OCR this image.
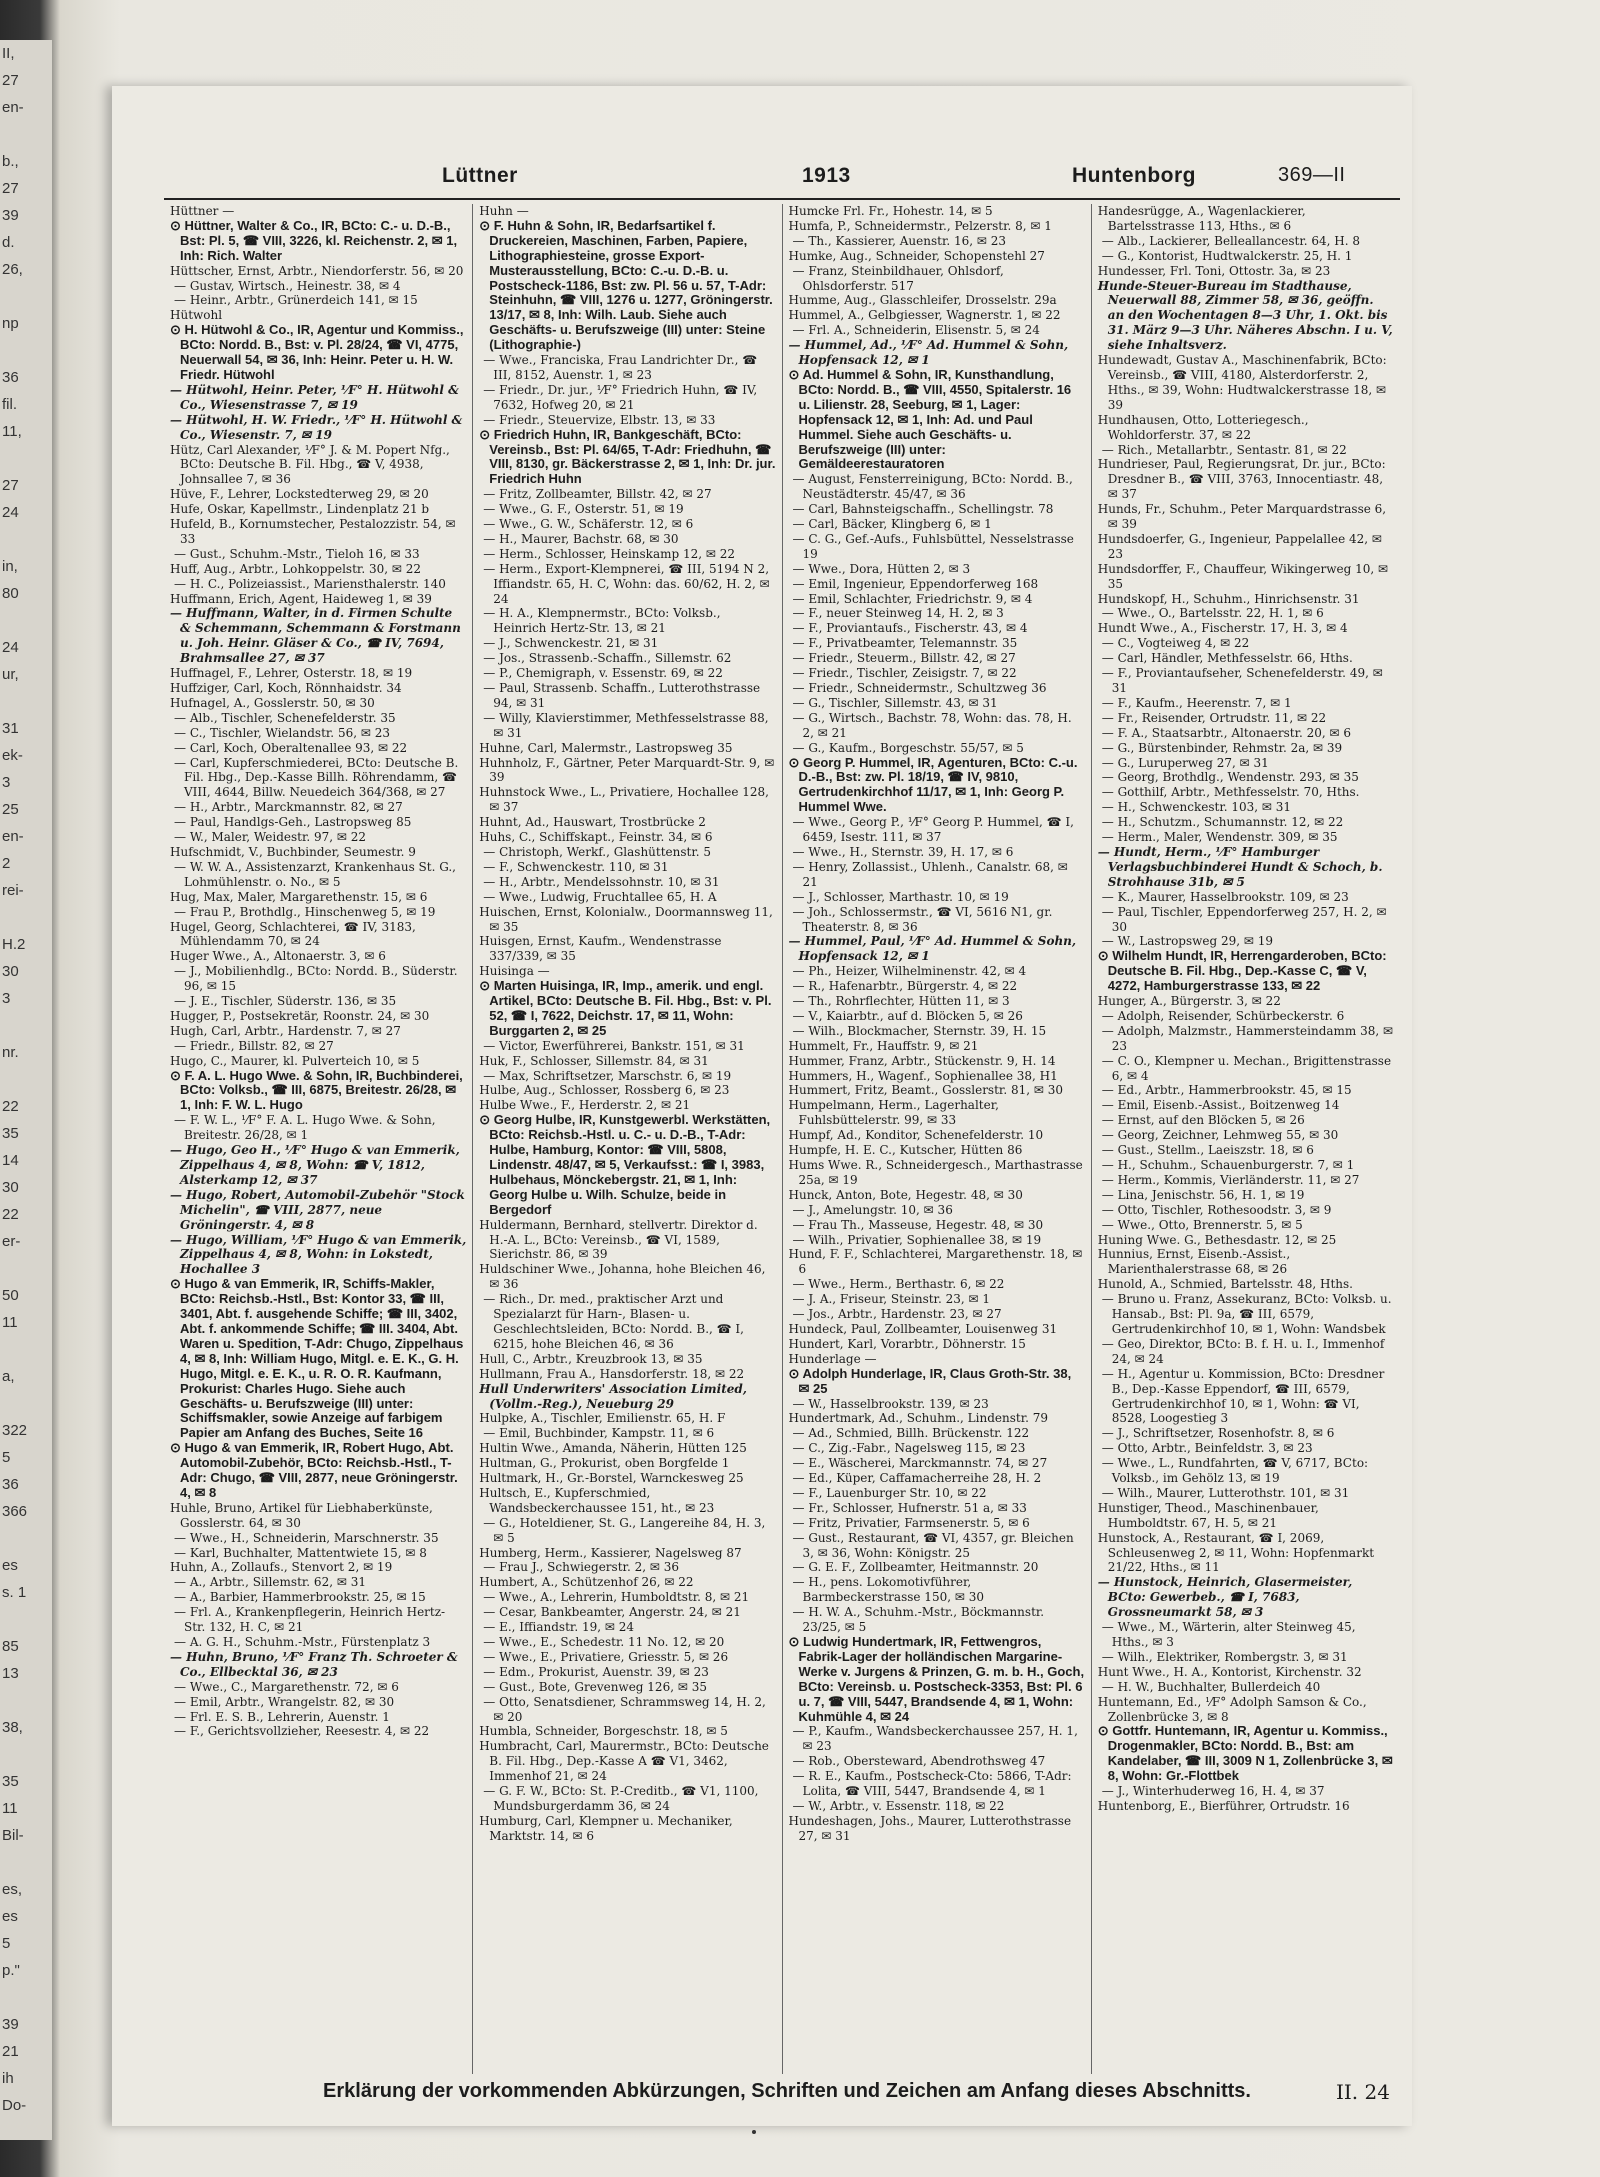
II,
27
en-

b.,
27
39
d.
26,

np

36
fil.
11,

27
24

in,
80

24
ur,

31
ek-
3
25
en-
2
rei-

H.2
30
3

nr.

22
35
14
30
22
er-

50
11

a,

322
5
36
366

es
s. 1

85
13

38,

35
11
Bil-

es,
es
5
p."

39
21
ih
Do-
Lüttner	1913	Huntenborg	369—II

Hüttner —

⊙ Hüttner, Walter & Co., IR, BCto: C.- u. D.-B., Bst: Pl. 5, ☎ VIII, 3226, kl. Reichenstr. 2, ✉ 1, Inh: Rich. Walter

Hüttscher, Ernst, Arbtr., Niendorferstr. 56, ✉ 20

— Gustav, Wirtsch., Heinestr. 38, ✉ 4

— Heinr., Arbtr., Grünerdeich 141, ✉ 15

Hütwohl

⊙ H. Hütwohl & Co., IR, Agentur und Kommiss., BCto: Nordd. B., Bst: v. Pl. 28/24, ☎ VI, 4775, Neuerwall 54, ✉ 36, Inh: Heinr. Peter u. H. W. Friedr. Hütwohl

— Hütwohl, Heinr. Peter, ⅟F° H. Hütwohl & Co., Wiesenstrasse 7, ✉ 19

— Hütwohl, H. W. Friedr., ⅟F° H. Hütwohl & Co., Wiesenstr. 7, ✉ 19

Hütz, Carl Alexander, ⅟F° J. & M. Popert Nfg., BCto: Deutsche B. Fil. Hbg., ☎ V, 4938, Johnsallee 7, ✉ 36

Hüve, F., Lehrer, Lockstedterweg 29, ✉ 20

Hufe, Oskar, Kapellmstr., Lindenplatz 21 b

Hufeld, B., Kornumstecher, Pestalozzistr. 54, ✉ 33

— Gust., Schuhm.-Mstr., Tieloh 16, ✉ 33

Huff, Aug., Arbtr., Lohkoppelstr. 30, ✉ 22

— H. C., Polizeiassist., Mariensthalerstr. 140

Huffmann, Erich, Agent, Haideweg 1, ✉ 39

— Huffmann, Walter, in d. Firmen Schulte & Schemmann, Schemmann & Forstmann u. Joh. Heinr. Gläser & Co., ☎ IV, 7694, Brahmsallee 27, ✉ 37

Huffnagel, F., Lehrer, Osterstr. 18, ✉ 19

Huffziger, Carl, Koch, Rönnhaidstr. 34

Hufnagel, A., Gosslerstr. 50, ✉ 30

— Alb., Tischler, Schenefelderstr. 35

— C., Tischler, Wielandstr. 56, ✉ 23

— Carl, Koch, Oberaltenallee 93, ✉ 22

— Carl, Kupferschmiederei, BCto: Deutsche B. Fil. Hbg., Dep.-Kasse Billh. Röhrendamm, ☎ VIII, 4644, Billw. Neuedeich 364/368, ✉ 27

— H., Arbtr., Marckmannstr. 82, ✉ 27

— Paul, Handlgs-Geh., Lastropsweg 85

— W., Maler, Weidestr. 97, ✉ 22

Hufschmidt, V., Buchbinder, Seumestr. 9

— W. W. A., Assistenzarzt, Krankenhaus St. G., Lohmühlenstr. o. No., ✉ 5

Hug, Max, Maler, Margarethenstr. 15, ✉ 6

— Frau P., Brothdlg., Hinschenweg 5, ✉ 19

Hugel, Georg, Schlachterei, ☎ IV, 3183, Mühlendamm 70, ✉ 24

Huger Wwe., A., Altonaerstr. 3, ✉ 6

— J., Mobilienhdlg., BCto: Nordd. B., Süderstr. 96, ✉ 15

— J. E., Tischler, Süderstr. 136, ✉ 35

Hugger, P., Postsekretär, Roonstr. 24, ✉ 30

Hugh, Carl, Arbtr., Hardenstr. 7, ✉ 27

— Friedr., Billstr. 82, ✉ 27

Hugo, C., Maurer, kl. Pulverteich 10, ✉ 5

⊙ F. A. L. Hugo Wwe. & Sohn, IR, Buchbinderei, BCto: Volksb., ☎ III, 6875, Breitestr. 26/28, ✉ 1, Inh: F. W. L. Hugo

— F. W. L., ⅟F° F. A. L. Hugo Wwe. & Sohn, Breitestr. 26/28, ✉ 1

— Hugo, Geo H., ⅟F° Hugo & van Emmerik, Zippelhaus 4, ✉ 8, Wohn: ☎ V, 1812, Alsterkamp 12, ✉ 37

— Hugo, Robert, Automobil-Zubehör "Stock Michelin", ☎ VIII, 2877, neue Gröningerstr. 4, ✉ 8

— Hugo, William, ⅟F° Hugo & van Emmerik, Zippelhaus 4, ✉ 8, Wohn: in Lokstedt, Hochallee 3

⊙ Hugo & van Emmerik, IR, Schiffs-Makler, BCto: Reichsb.-Hstl., Bst: Kontor 33, ☎ III, 3401, Abt. f. ausgehende Schiffe; ☎ III, 3402, Abt. f. ankommende Schiffe; ☎ III. 3404, Abt. Waren u. Spedition, T-Adr: Chugo, Zippelhaus 4, ✉ 8, Inh: William Hugo, Mitgl. e. E. K., G. H. Hugo, Mitgl. e. E. K., u. R. O. R. Kaufmann, Prokurist: Charles Hugo. Siehe auch Geschäfts- u. Berufszweige (III) unter: Schiffsmakler, sowie Anzeige auf farbigem Papier am Anfang des Buches, Seite 16

⊙ Hugo & van Emmerik, IR, Robert Hugo, Abt. Automobil-Zubehör, BCto: Reichsb.-Hstl., T-Adr: Chugo, ☎ VIII, 2877, neue Gröningerstr. 4, ✉ 8

Huhle, Bruno, Artikel für Liebhaberkünste, Gosslerstr. 64, ✉ 30

— Wwe., H., Schneiderin, Marschnerstr. 35

— Karl, Buchhalter, Mattentwiete 15, ✉ 8

Huhn, A., Zollaufs., Stenvort 2, ✉ 19

— A., Arbtr., Sillemstr. 62, ✉ 31

— A., Barbier, Hammerbrookstr. 25, ✉ 15

— Frl. A., Krankenpflegerin, Heinrich Hertz-Str. 132, H. C, ✉ 21

— A. G. H., Schuhm.-Mstr., Fürstenplatz 3

— Huhn, Bruno, ⅟F° Franz Th. Schroeter & Co., Ellbecktal 36, ✉ 23

— Wwe., C., Margarethenstr. 72, ✉ 6

— Emil, Arbtr., Wrangelstr. 82, ✉ 30

— Frl. E. S. B., Lehrerin, Auenstr. 1

— F., Gerichtsvollzieher, Reesestr. 4, ✉ 22

Huhn —

⊙ F. Huhn & Sohn, IR, Bedarfsartikel f. Druckereien, Maschinen, Farben, Papiere, Lithographiesteine, grosse Export-Musterausstellung, BCto: C.-u. D.-B. u. Postscheck-1186, Bst: zw. Pl. 56 u. 57, T-Adr: Steinhuhn, ☎ VIII, 1276 u. 1277, Gröningerstr. 13/17, ✉ 8, Inh: Wilh. Laub. Siehe auch Geschäfts- u. Berufszweige (III) unter: Steine (Lithographie-)

— Wwe., Franciska, Frau Landrichter Dr., ☎ III, 8152, Auenstr. 1, ✉ 23

— Friedr., Dr. jur., ⅟F° Friedrich Huhn, ☎ IV, 7632, Hofweg 20, ✉ 21

— Friedr., Steuervize, Elbstr. 13, ✉ 33

⊙ Friedrich Huhn, IR, Bankgeschäft, BCto: Vereinsb., Bst: Pl. 64/65, T-Adr: Friedhuhn, ☎ VIII, 8130, gr. Bäckerstrasse 2, ✉ 1, Inh: Dr. jur. Friedrich Huhn

— Fritz, Zollbeamter, Billstr. 42, ✉ 27

— Wwe., G. F., Osterstr. 51, ✉ 19

— Wwe., G. W., Schäferstr. 12, ✉ 6

— H., Maurer, Bachstr. 68, ✉ 30

— Herm., Schlosser, Heinskamp 12, ✉ 22

— Herm., Export-Klempnerei, ☎ III, 5194 N 2, Iffiandstr. 65, H. C, Wohn: das. 60/62, H. 2, ✉ 24

— H. A., Klempnermstr., BCto: Volksb., Heinrich Hertz-Str. 13, ✉ 21

— J., Schwenckestr. 21, ✉ 31

— Jos., Strassenb.-Schaffn., Sillemstr. 62

— P., Chemigraph, v. Essenstr. 69, ✉ 22

— Paul, Strassenb. Schaffn., Lutterothstrasse 94, ✉ 31

— Willy, Klavierstimmer, Methfesselstrasse 88, ✉ 31

Huhne, Carl, Malermstr., Lastropsweg 35

Huhnholz, F., Gärtner, Peter Marquardt-Str. 9, ✉ 39

Huhnstock Wwe., L., Privatiere, Hochallee 128, ✉ 37

Huhnt, Ad., Hauswart, Trostbrücke 2

Huhs, C., Schiffskapt., Feinstr. 34, ✉ 6

— Christoph, Werkf., Glashüttenstr. 5

— F., Schwenckestr. 110, ✉ 31

— H., Arbtr., Mendelssohnstr. 10, ✉ 31

— Wwe., Ludwig, Fruchtallee 65, H. A

Huischen, Ernst, Kolonialw., Doormannsweg 11, ✉ 35

Huisgen, Ernst, Kaufm., Wendenstrasse 337/339, ✉ 35

Huisinga —

⊙ Marten Huisinga, IR, Imp., amerik. und engl. Artikel, BCto: Deutsche B. Fil. Hbg., Bst: v. Pl. 52, ☎ I, 7622, Deichstr. 17, ✉ 11, Wohn: Burggarten 2, ✉ 25

— Victor, Ewerführerei, Bankstr. 151, ✉ 31

Huk, F., Schlosser, Sillemstr. 84, ✉ 31

— Max, Schriftsetzer, Marschstr. 6, ✉ 19

Hulbe, Aug., Schlosser, Rossberg 6, ✉ 23

Hulbe Wwe., F., Herderstr. 2, ✉ 21

⊙ Georg Hulbe, IR, Kunstgewerbl. Werkstätten, BCto: Reichsb.-Hstl. u. C.- u. D.-B., T-Adr: Hulbe, Hamburg, Kontor: ☎ VIII, 5808, Lindenstr. 48/47, ✉ 5, Verkaufsst.: ☎ I, 3983, Hulbehaus, Mönckebergstr. 21, ✉ 1, Inh: Georg Hulbe u. Wilh. Schulze, beide in Bergedorf

Huldermann, Bernhard, stellvertr. Direktor d. H.-A. L., BCto: Vereinsb., ☎ VI, 1589, Sierichstr. 86, ✉ 39

Huldschiner Wwe., Johanna, hohe Bleichen 46, ✉ 36

— Rich., Dr. med., praktischer Arzt und Spezialarzt für Harn-, Blasen- u. Geschlechtsleiden, BCto: Nordd. B., ☎ I, 6215, hohe Bleichen 46, ✉ 36

Hull, C., Arbtr., Kreuzbrook 13, ✉ 35

Hullmann, Frau A., Hansdorferstr. 18, ✉ 22

Hull Underwriters' Association Limited, (Vollm.-Reg.), Neueburg 29

Hulpke, A., Tischler, Emilienstr. 65, H. F

— Emil, Buchbinder, Kampstr. 11, ✉ 6

Hultin Wwe., Amanda, Näherin, Hütten 125

Hultman, G., Prokurist, oben Borgfelde 1

Hultmark, H., Gr.-Borstel, Warnckesweg 25

Hultsch, E., Kupferschmied, Wandsbeckerchaussee 151, ht., ✉ 23

— G., Hoteldiener, St. G., Langereihe 84, H. 3, ✉ 5

Humberg, Herm., Kassierer, Nagelsweg 87

— Frau J., Schwiegerstr. 2, ✉ 36

Humbert, A., Schützenhof 26, ✉ 22

— Wwe., A., Lehrerin, Humboldtstr. 8, ✉ 21

— Cesar, Bankbeamter, Angerstr. 24, ✉ 21

— E., Iffiandstr. 19, ✉ 24

— Wwe., E., Schedestr. 11 No. 12, ✉ 20

— Wwe., E., Privatiere, Griesstr. 5, ✉ 26

— Edm., Prokurist, Auenstr. 39, ✉ 23

— Gust., Bote, Grevenweg 126, ✉ 35

— Otto, Senatsdiener, Schrammsweg 14, H. 2, ✉ 20

Humbla, Schneider, Borgeschstr. 18, ✉ 5

Humbracht, Carl, Maurermstr., BCto: Deutsche B. Fil. Hbg., Dep.-Kasse A ☎ V1, 3462, Immenhof 21, ✉ 24

— G. F. W., BCto: St. P.-Creditb., ☎ V1, 1100, Mundsburgerdamm 36, ✉ 24

Humburg, Carl, Klempner u. Mechaniker, Marktstr. 14, ✉ 6

Humcke Frl. Fr., Hohestr. 14, ✉ 5

Humfa, P., Schneidermstr., Pelzerstr. 8, ✉ 1

— Th., Kassierer, Auenstr. 16, ✉ 23

Humke, Aug., Schneider, Schopenstehl 27

— Franz, Steinbildhauer, Ohlsdorf, Ohlsdorferstr. 517

Humme, Aug., Glasschleifer, Drosselstr. 29a

Hummel, A., Gelbgiesser, Wagnerstr. 1, ✉ 22

— Frl. A., Schneiderin, Elisenstr. 5, ✉ 24

— Hummel, Ad., ⅟F° Ad. Hummel & Sohn, Hopfensack 12, ✉ 1

⊙ Ad. Hummel & Sohn, IR, Kunsthandlung, BCto: Nordd. B., ☎ VIII, 4550, Spitalerstr. 16 u. Lilienstr. 28, Seeburg, ✉ 1, Lager: Hopfensack 12, ✉ 1, Inh: Ad. und Paul Hummel. Siehe auch Geschäfts- u. Berufszweige (III) unter: Gemäldeerestauratoren

— August, Fensterreinigung, BCto: Nordd. B., Neustädterstr. 45/47, ✉ 36

— Carl, Bahnsteigschaffn., Schellingstr. 78

— Carl, Bäcker, Klingberg 6, ✉ 1

— C. G., Gef.-Aufs., Fuhlsbüttel, Nesselstrasse 19

— Wwe., Dora, Hütten 2, ✉ 3

— Emil, Ingenieur, Eppendorferweg 168

— Emil, Schlachter, Friedrichstr. 9, ✉ 4

— F., neuer Steinweg 14, H. 2, ✉ 3

— F., Proviantaufs., Fischerstr. 43, ✉ 4

— F., Privatbeamter, Telemannstr. 35

— Friedr., Steuerm., Billstr. 42, ✉ 27

— Friedr., Tischler, Zeisigstr. 7, ✉ 22

— Friedr., Schneidermstr., Schultzweg 36

— G., Tischler, Sillemstr. 43, ✉ 31

— G., Wirtsch., Bachstr. 78, Wohn: das. 78, H. 2, ✉ 21

— G., Kaufm., Borgeschstr. 55/57, ✉ 5

⊙ Georg P. Hummel, IR, Agenturen, BCto: C.-u. D.-B., Bst: zw. Pl. 18/19, ☎ IV, 9810, Gertrudenkirchhof 11/17, ✉ 1, Inh: Georg P. Hummel Wwe.

— Wwe., Georg P., ⅟F° Georg P. Hummel, ☎ I, 6459, Isestr. 111, ✉ 37

— Wwe., H., Sternstr. 39, H. 17, ✉ 6

— Henry, Zollassist., Uhlenh., Canalstr. 68, ✉ 21

— J., Schlosser, Marthastr. 10, ✉ 19

— Joh., Schlossermstr., ☎ VI, 5616 N1, gr. Theaterstr. 8, ✉ 36

— Hummel, Paul, ⅟F° Ad. Hummel & Sohn, Hopfensack 12, ✉ 1

— Ph., Heizer, Wilhelminenstr. 42, ✉ 4

— R., Hafenarbtr., Bürgerstr. 4, ✉ 22

— Th., Rohrflechter, Hütten 11, ✉ 3

— V., Kaiarbtr., auf d. Blöcken 5, ✉ 26

— Wilh., Blockmacher, Sternstr. 39, H. 15

Hummelt, Fr., Hauffstr. 9, ✉ 21

Hummer, Franz, Arbtr., Stückenstr. 9, H. 14

Hummers, H., Wagenf., Sophienallee 38, H1

Hummert, Fritz, Beamt., Gosslerstr. 81, ✉ 30

Humpelmann, Herm., Lagerhalter, Fuhlsbüttelerstr. 99, ✉ 33

Humpf, Ad., Konditor, Schenefelderstr. 10

Humpfe, H. E. C., Kutscher, Hütten 86

Hums Wwe. R., Schneidergesch., Marthastrasse 25a, ✉ 19

Hunck, Anton, Bote, Hegestr. 48, ✉ 30

— J., Amelungstr. 10, ✉ 36

— Frau Th., Masseuse, Hegestr. 48, ✉ 30

— Wilh., Privatier, Sophienallee 38, ✉ 19

Hund, F. F., Schlachterei, Margarethenstr. 18, ✉ 6

— Wwe., Herm., Berthastr. 6, ✉ 22

— J. A., Friseur, Steinstr. 23, ✉ 1

— Jos., Arbtr., Hardenstr. 23, ✉ 27

Hundeck, Paul, Zollbeamter, Louisenweg 31

Hundert, Karl, Vorarbtr., Döhnerstr. 15

Hunderlage —

⊙ Adolph Hunderlage, IR, Claus Groth-Str. 38, ✉ 25

— W., Hasselbrookstr. 139, ✉ 23

Hundertmark, Ad., Schuhm., Lindenstr. 79

— Ad., Schmied, Billh. Brückenstr. 122

— C., Zig.-Fabr., Nagelsweg 115, ✉ 23

— E., Wäscherei, Marckmannstr. 74, ✉ 27

— Ed., Küper, Caffamacherreihe 28, H. 2

— F., Lauenburger Str. 10, ✉ 22

— Fr., Schlosser, Hufnerstr. 51 a, ✉ 33

— Fritz, Privatier, Farmsenerstr. 5, ✉ 6

— Gust., Restaurant, ☎ VI, 4357, gr. Bleichen 3, ✉ 36, Wohn: Königstr. 25

— G. E. F., Zollbeamter, Heitmannstr. 20

— H., pens. Lokomotivführer, Barmbeckerstrasse 150, ✉ 30

— H. W. A., Schuhm.-Mstr., Böckmannstr. 23/25, ✉ 5

⊙ Ludwig Hundertmark, IR, Fettwengros, Fabrik-Lager der holländischen Margarine-Werke v. Jurgens & Prinzen, G. m. b. H., Goch, BCto: Vereinsb. u. Postscheck-3353, Bst: Pl. 6 u. 7, ☎ VIII, 5447, Brandsende 4, ✉ 1, Wohn: Kuhmühle 4, ✉ 24

— P., Kaufm., Wandsbeckerchaussee 257, H. 1, ✉ 23

— Rob., Obersteward, Abendrothsweg 47

— R. E., Kaufm., Postscheck-Cto: 5866, T-Adr: Lolita, ☎ VIII, 5447, Brandsende 4, ✉ 1

— W., Arbtr., v. Essenstr. 118, ✉ 22

Hundeshagen, Johs., Maurer, Lutterothstrasse 27, ✉ 31

Handesrügge, A., Wagenlackierer, Bartelsstrasse 113, Hths., ✉ 6

— Alb., Lackierer, Belleallancestr. 64, H. 8

— G., Kontorist, Hudtwalckerstr. 25, H. 1

Hundesser, Frl. Toni, Ottostr. 3a, ✉ 23

Hunde-Steuer-Bureau im Stadthause, Neuerwall 88, Zimmer 58, ✉ 36, geöffn. an den Wochentagen 8—3 Uhr, 1. Okt. bis 31. März 9—3 Uhr. Näheres Abschn. I u. V, siehe Inhaltsverz.

Hundewadt, Gustav A., Maschinenfabrik, BCto: Vereinsb., ☎ VIII, 4180, Alsterdorferstr. 2, Hths., ✉ 39, Wohn: Hudtwalckerstrasse 18, ✉ 39

Hundhausen, Otto, Lotteriegesch., Wohldorferstr. 37, ✉ 22

— Rich., Metallarbtr., Sentastr. 81, ✉ 22

Hundrieser, Paul, Regierungsrat, Dr. jur., BCto: Dresdner B., ☎ VIII, 3763, Innocentiastr. 48, ✉ 37

Hunds, Fr., Schuhm., Peter Marquardstrasse 6, ✉ 39

Hundsdoerfer, G., Ingenieur, Pappelallee 42, ✉ 23

Hundsdorffer, F., Chauffeur, Wikingerweg 10, ✉ 35

Hundskopf, H., Schuhm., Hinrichsenstr. 31

— Wwe., O., Bartelsstr. 22, H. 1, ✉ 6

Hundt Wwe., A., Fischerstr. 17, H. 3, ✉ 4

— C., Vogteiweg 4, ✉ 22

— Carl, Händler, Methfesselstr. 66, Hths.

— F., Proviantaufseher, Schenefelderstr. 49, ✉ 31

— F., Kaufm., Heerenstr. 7, ✉ 1

— Fr., Reisender, Ortrudstr. 11, ✉ 22

— F. A., Staatsarbtr., Altonaerstr. 20, ✉ 6

— G., Bürstenbinder, Rehmstr. 2a, ✉ 39

— G., Luruperweg 27, ✉ 31

— Georg, Brothdlg., Wendenstr. 293, ✉ 35

— Gotthilf, Arbtr., Methfesselstr. 70, Hths.

— H., Schwenckestr. 103, ✉ 31

— H., Schutzm., Schumannstr. 12, ✉ 22

— Herm., Maler, Wendenstr. 309, ✉ 35

— Hundt, Herm., ⅟F° Hamburger Verlagsbuchbinderei Hundt & Schoch, b. Strohhause 31b, ✉ 5

— K., Maurer, Hasselbrookstr. 109, ✉ 23

— Paul, Tischler, Eppendorferweg 257, H. 2, ✉ 30

— W., Lastropsweg 29, ✉ 19

⊙ Wilhelm Hundt, IR, Herrengarderoben, BCto: Deutsche B. Fil. Hbg., Dep.-Kasse C, ☎ V, 4272, Hamburgerstrasse 133, ✉ 22

Hunger, A., Bürgerstr. 3, ✉ 22

— Adolph, Reisender, Schürbeckerstr. 6

— Adolph, Malzmstr., Hammersteindamm 38, ✉ 23

— C. O., Klempner u. Mechan., Brigittenstrasse 6, ✉ 4

— Ed., Arbtr., Hammerbrookstr. 45, ✉ 15

— Emil, Eisenb.-Assist., Boitzenweg 14

— Ernst, auf den Blöcken 5, ✉ 26

— Georg, Zeichner, Lehmweg 55, ✉ 30

— Gust., Stellm., Laeiszstr. 18, ✉ 6

— H., Schuhm., Schauenburgerstr. 7, ✉ 1

— Herm., Kommis, Vierländerstr. 11, ✉ 27

— Lina, Jenischstr. 56, H. 1, ✉ 19

— Otto, Tischler, Rothesoodstr. 3, ✉ 9

— Wwe., Otto, Brennerstr. 5, ✉ 5

Huning Wwe. G., Bethesdastr. 12, ✉ 25

Hunnius, Ernst, Eisenb.-Assist., Marienthalerstrasse 68, ✉ 26

Hunold, A., Schmied, Bartelsstr. 48, Hths.

— Bruno u. Franz, Assekuranz, BCto: Volksb. u. Hansab., Bst: Pl. 9a, ☎ III, 6579, Gertrudenkirchhof 10, ✉ 1, Wohn: Wandsbek

— Geo, Direktor, BCto: B. f. H. u. I., Immenhof 24, ✉ 24

— H., Agentur u. Kommission, BCto: Dresdner B., Dep.-Kasse Eppendorf, ☎ III, 6579, Gertrudenkirchhof 10, ✉ 1, Wohn: ☎ VI, 8528, Loogestieg 3

— J., Schriftsetzer, Rosenhofstr. 8, ✉ 6

— Otto, Arbtr., Beinfeldstr. 3, ✉ 23

— Wwe., L., Rundfahrten, ☎ V, 6717, BCto: Volksb., im Gehölz 13, ✉ 19

— Wilh., Maurer, Lutterothstr. 101, ✉ 31

Hunstiger, Theod., Maschinenbauer, Humboldtstr. 67, H. 5, ✉ 21

Hunstock, A., Restaurant, ☎ I, 2069, Schleusenweg 2, ✉ 11, Wohn: Hopfenmarkt 21/22, Hths., ✉ 11

— Hunstock, Heinrich, Glasermeister, BCto: Gewerbeb., ☎ I, 7683, Grossneumarkt 58, ✉ 3

— Wwe., M., Wärterin, alter Steinweg 45, Hths., ✉ 3

— Wilh., Elektriker, Rombergstr. 3, ✉ 31

Hunt Wwe., H. A., Kontorist, Kirchenstr. 32

— H. W., Buchhalter, Bullerdeich 40

Huntemann, Ed., ⅟F° Adolph Samson & Co., Zollenbrücke 3, ✉ 8

⊙ Gottfr. Huntemann, IR, Agentur u. Kommiss., Drogenmakler, BCto: Nordd. B., Bst: am Kandelaber, ☎ III, 3009 N 1, Zollenbrücke 3, ✉ 8, Wohn: Gr.-Flottbek

— J., Winterhuderweg 16, H. 4, ✉ 37

Huntenborg, E., Bierführer, Ortrudstr. 16

Erklärung der vorkommenden Abkürzungen, Schriften und Zeichen am Anfang dieses Abschnitts.	II. 24
